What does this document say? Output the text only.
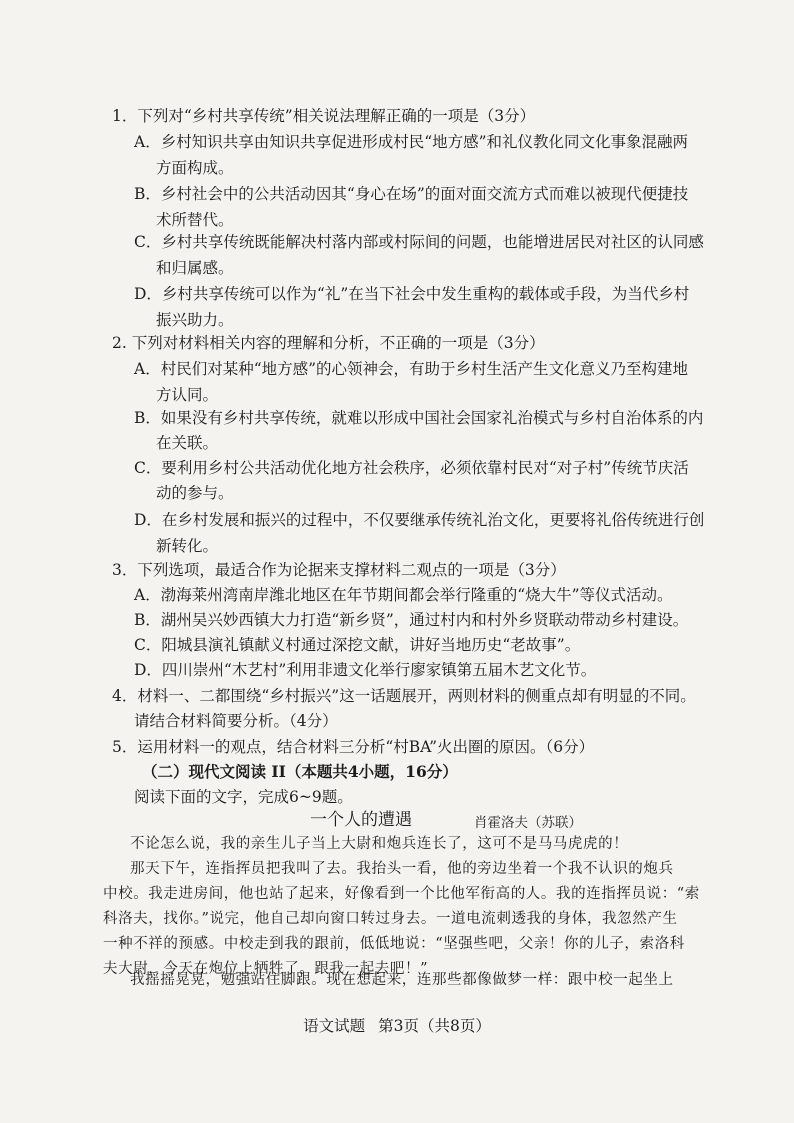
1．下列对“乡村共享传统”相关说法理解正确的一项是（3分）
A．乡村知识共享由知识共享促进形成村民“地方感”和礼仪教化同文化事象混融两
方面构成。
B．乡村社会中的公共活动因其“身心在场”的面对面交流方式而难以被现代便捷技
术所替代。
C．乡村共享传统既能解决村落内部或村际间的问题，也能增进居民对社区的认同感
和归属感。
D．乡村共享传统可以作为“礼”在当下社会中发生重构的载体或手段，为当代乡村
振兴助力。
2. 下列对材料相关内容的理解和分析，不正确的一项是（3分）
A．村民们对某种“地方感”的心领神会，有助于乡村生活产生文化意义乃至构建地
方认同。
B．如果没有乡村共享传统，就难以形成中国社会国家礼治模式与乡村自治体系的内
在关联。
C．要利用乡村公共活动优化地方社会秩序，必须依靠村民对“对子村”传统节庆活
动的参与。
D．在乡村发展和振兴的过程中，不仅要继承传统礼治文化，更要将礼俗传统进行创
新转化。
3．下列选项，最适合作为论据来支撑材料二观点的一项是（3分）
A．渤海莱州湾南岸潍北地区在年节期间都会举行隆重的“烧大牛”等仪式活动。
B．湖州吴兴妙西镇大力打造“新乡贤”，通过村内和村外乡贤联动带动乡村建设。
C．阳城县演礼镇献义村通过深挖文献，讲好当地历史“老故事”。
D．四川崇州“木艺村”利用非遗文化举行廖家镇第五届木艺文化节。
4．材料一、二都围绕“乡村振兴”这一话题展开，两则材料的侧重点却有明显的不同。
请结合材料简要分析。（4分）
5．运用材料一的观点，结合材料三分析“村BA”火出圈的原因。（6分）
（二）现代文阅读 II（本题共4小题，16分）
阅读下面的文字，完成6~9题。
一个人的遭遇	肖霍洛夫（苏联）
不论怎么说，我的亲生儿子当上大尉和炮兵连长了，这可不是马马虎虎的！
那天下午，连指挥员把我叫了去。我抬头一看，他的旁边坐着一个我不认识的炮兵
中校。我走进房间，他也站了起来，好像看到一个比他军衔高的人。我的连指挥员说：“索
科洛夫，找你。”说完，他自己却向窗口转过身去。一道电流刺透我的身体，我忽然产生
一种不祥的预感。中校走到我的跟前，低低地说：“坚强些吧，父亲！你的儿子，索洛科
夫大尉，今天在炮位上牺牲了。跟我一起去吧！”
我摇摇晃晃，勉强站住脚跟。现在想起来，连那些都像做梦一样：跟中校一起坐上
语文试题 第3页（共8页）
